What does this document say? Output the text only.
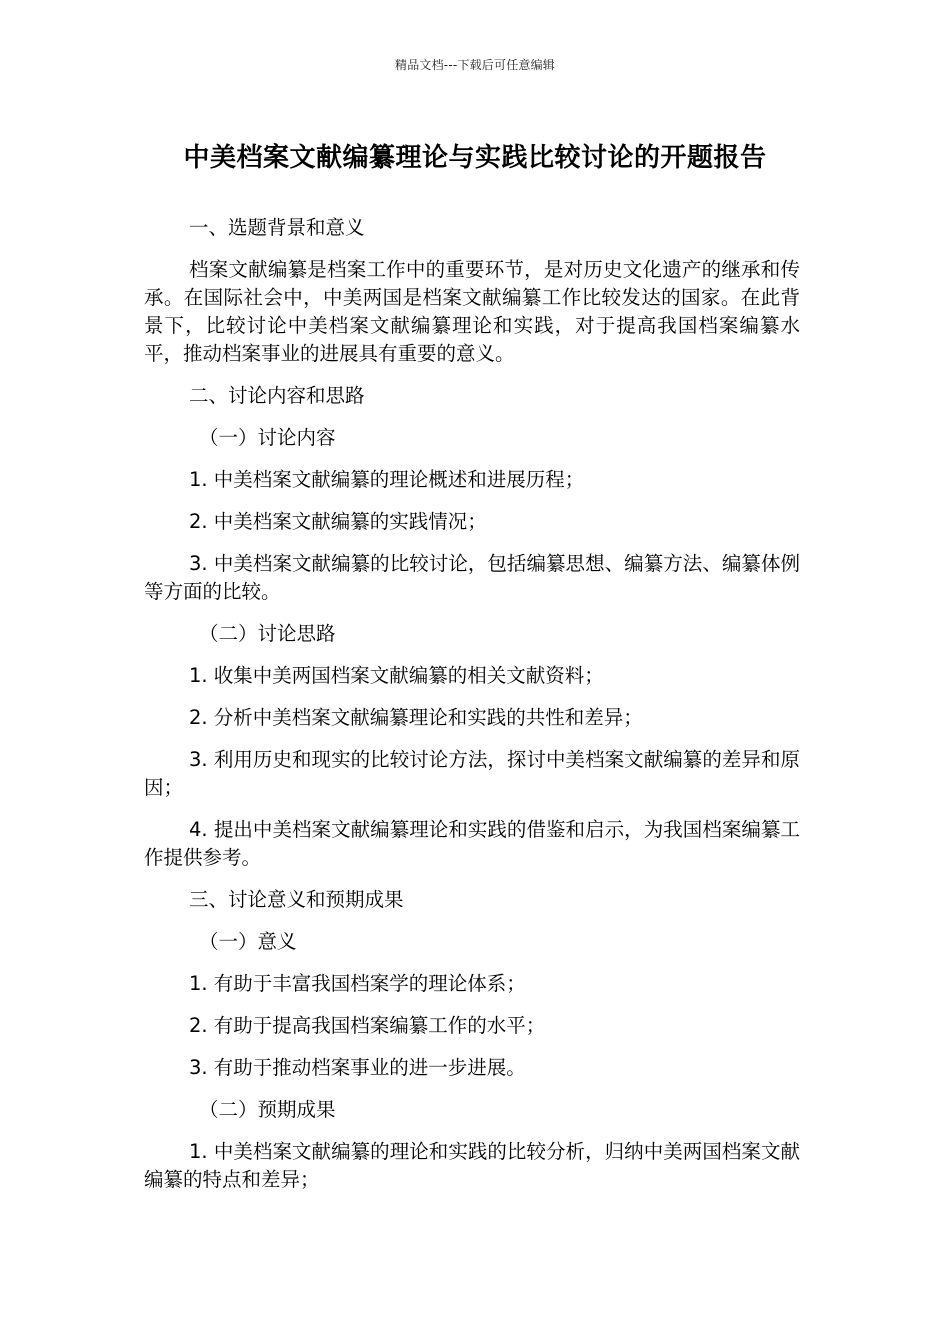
精品文档---下载后可任意编辑
中美档案文献编纂理论与实践比较讨论的开题报告

一、选题背景和意义

档案文献编纂是档案工作中的重要环节，是对历史文化遗产的继承和传承。在国际社会中，中美两国是档案文献编纂工作比较发达的国家。在此背景下，比较讨论中美档案文献编纂理论和实践，对于提高我国档案编纂水平，推动档案事业的进展具有重要的意义。

二、讨论内容和思路

（一）讨论内容

1. 中美档案文献编纂的理论概述和进展历程；

2. 中美档案文献编纂的实践情况；

3. 中美档案文献编纂的比较讨论，包括编纂思想、编纂方法、编纂体例等方面的比较。

（二）讨论思路

1. 收集中美两国档案文献编纂的相关文献资料；

2. 分析中美档案文献编纂理论和实践的共性和差异；

3. 利用历史和现实的比较讨论方法，探讨中美档案文献编纂的差异和原因；

4. 提出中美档案文献编纂理论和实践的借鉴和启示，为我国档案编纂工作提供参考。

三、讨论意义和预期成果

（一）意义

1. 有助于丰富我国档案学的理论体系；

2. 有助于提高我国档案编纂工作的水平；

3. 有助于推动档案事业的进一步进展。

（二）预期成果

1. 中美档案文献编纂的理论和实践的比较分析，归纳中美两国档案文献编纂的特点和差异；
